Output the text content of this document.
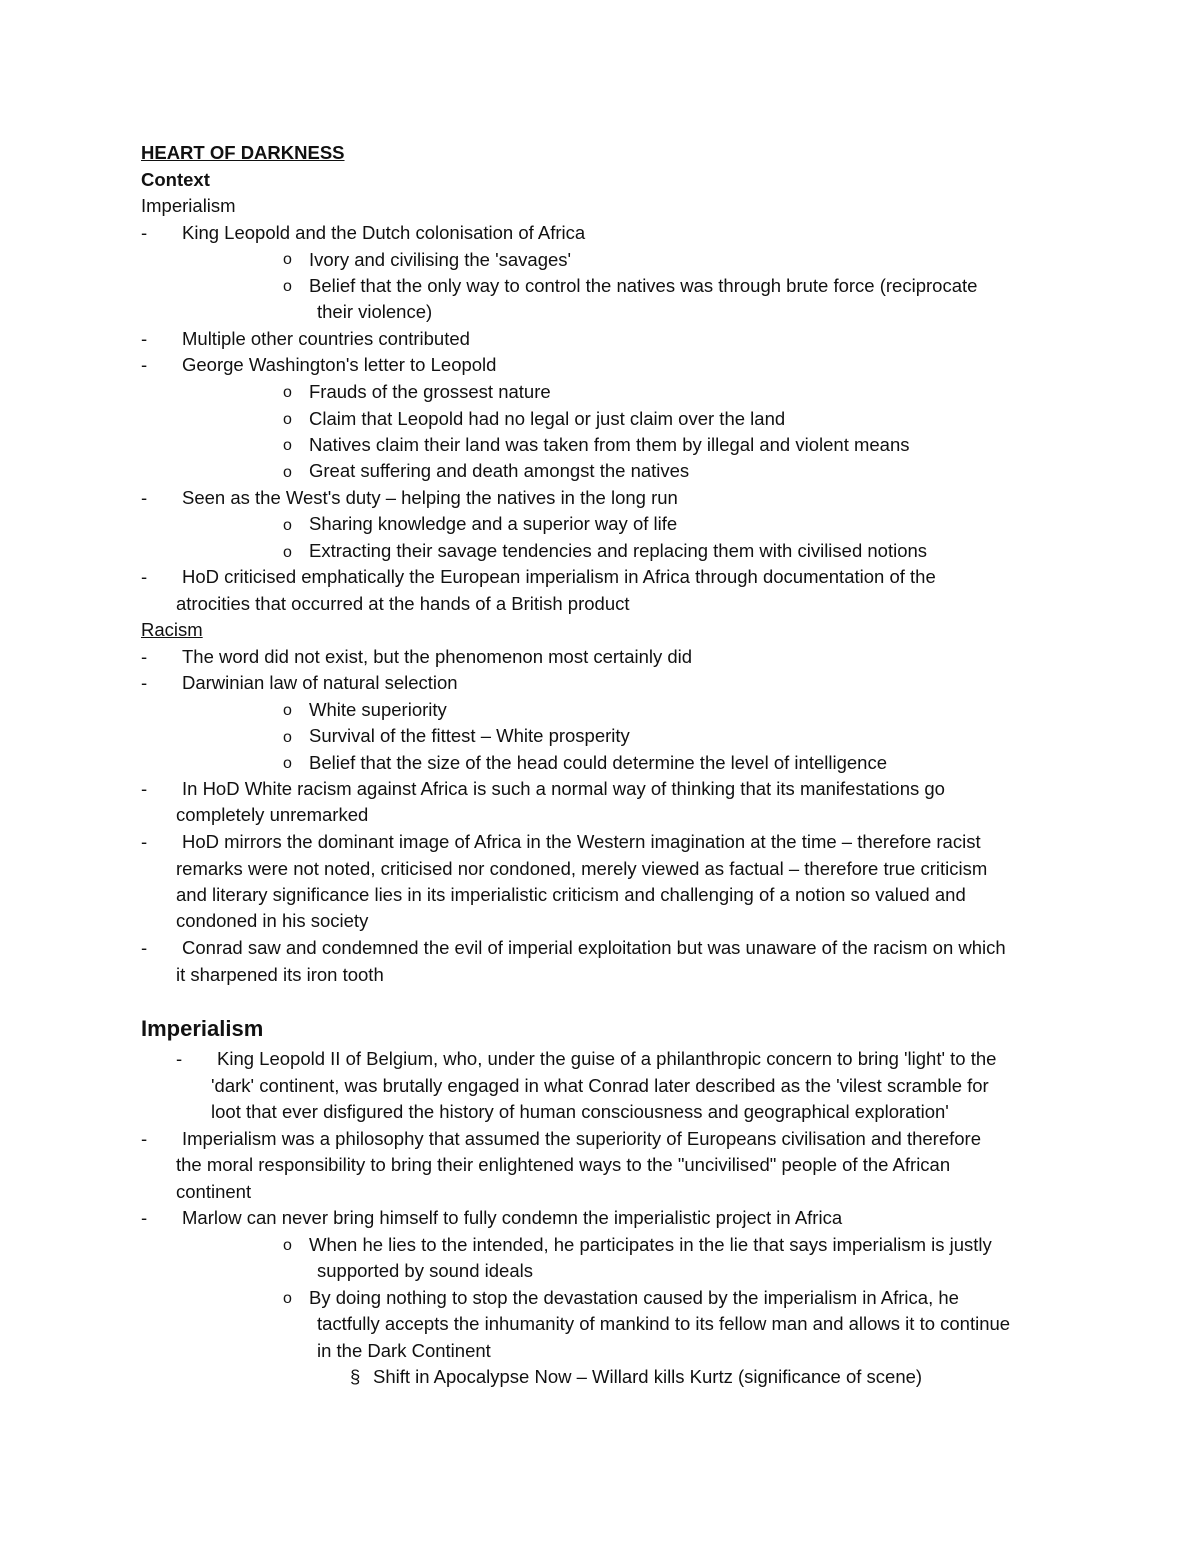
HEART OF DARKNESS
Context
Imperialism
- King Leopold and the Dutch colonisation of Africa
o Ivory and civilising the 'savages'
o Belief that the only way to control the natives was through brute force (reciprocate
their violence)
- Multiple other countries contributed
- George Washington's letter to Leopold
o Frauds of the grossest nature
o Claim that Leopold had no legal or just claim over the land
o Natives claim their land was taken from them by illegal and violent means
o Great suffering and death amongst the natives
- Seen as the West's duty – helping the natives in the long run
o Sharing knowledge and a superior way of life
o Extracting their savage tendencies and replacing them with civilised notions
- HoD criticised emphatically the European imperialism in Africa through documentation of the
atrocities that occurred at the hands of a British product
Racism
- The word did not exist, but the phenomenon most certainly did
- Darwinian law of natural selection
o White superiority
o Survival of the fittest – White prosperity
o Belief that the size of the head could determine the level of intelligence
- In HoD White racism against Africa is such a normal way of thinking that its manifestations go
completely unremarked
- HoD mirrors the dominant image of Africa in the Western imagination at the time – therefore racist
remarks were not noted, criticised nor condoned, merely viewed as factual – therefore true criticism
and literary significance lies in its imperialistic criticism and challenging of a notion so valued and
condoned in his society
- Conrad saw and condemned the evil of imperial exploitation but was unaware of the racism on which
it sharpened its iron tooth
Imperialism
- King Leopold II of Belgium, who, under the guise of a philanthropic concern to bring 'light' to the
'dark' continent, was brutally engaged in what Conrad later described as the 'vilest scramble for
loot that ever disfigured the history of human consciousness and geographical exploration'
- Imperialism was a philosophy that assumed the superiority of Europeans civilisation and therefore
the moral responsibility to bring their enlightened ways to the "uncivilised" people of the African
continent
- Marlow can never bring himself to fully condemn the imperialistic project in Africa
o When he lies to the intended, he participates in the lie that says imperialism is justly
supported by sound ideals
o By doing nothing to stop the devastation caused by the imperialism in Africa, he
tactfully accepts the inhumanity of mankind to its fellow man and allows it to continue
in the Dark Continent
§ Shift in Apocalypse Now – Willard kills Kurtz (significance of scene)
